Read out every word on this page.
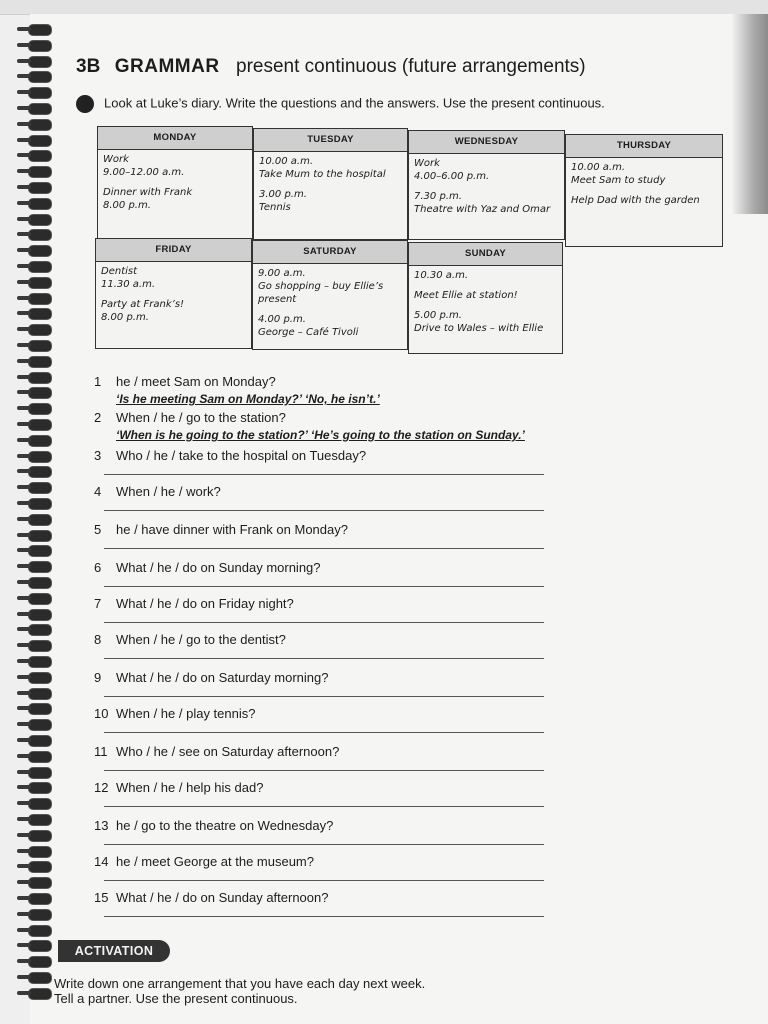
3B GRAMMAR present continuous (future arrangements)
Look at Luke’s diary. Write the questions and the answers. Use the present continuous.
MONDAY
Work
9.00–12.00 a.m.
Dinner with Frank
8.00 p.m.
TUESDAY
10.00 a.m.
Take Mum to the hospital
3.00 p.m.
Tennis
WEDNESDAY
Work
4.00–6.00 p.m.
7.30 p.m.
Theatre with Yaz and Omar
THURSDAY
10.00 a.m.
Meet Sam to study
Help Dad with the garden
FRIDAY
Dentist
11.30 a.m.
Party at Frank’s!
8.00 p.m.
SATURDAY
9.00 a.m.
Go shopping – buy Ellie’s
present
4.00 p.m.
George – Café Tivoli
SUNDAY
10.30 a.m.
Meet Ellie at station!
5.00 p.m.
Drive to Wales – with Ellie
1 he / meet Sam on Monday?
‘Is he meeting Sam on Monday?’ ‘No, he isn’t.’
2 When / he / go to the station?
‘When is he going to the station?’ ‘He’s going to the station on Sunday.’
3 Who / he / take to the hospital on Tuesday?
4 When / he / work?
5 he / have dinner with Frank on Monday?
6 What / he / do on Sunday morning?
7 What / he / do on Friday night?
8 When / he / go to the dentist?
9 What / he / do on Saturday morning?
10 When / he / play tennis?
11 Who / he / see on Saturday afternoon?
12 When / he / help his dad?
13 he / go to the theatre on Wednesday?
14 he / meet George at the museum?
15 What / he / do on Sunday afternoon?
ACTIVATION
Write down one arrangement that you have each day next week.
Tell a partner. Use the present continuous.
